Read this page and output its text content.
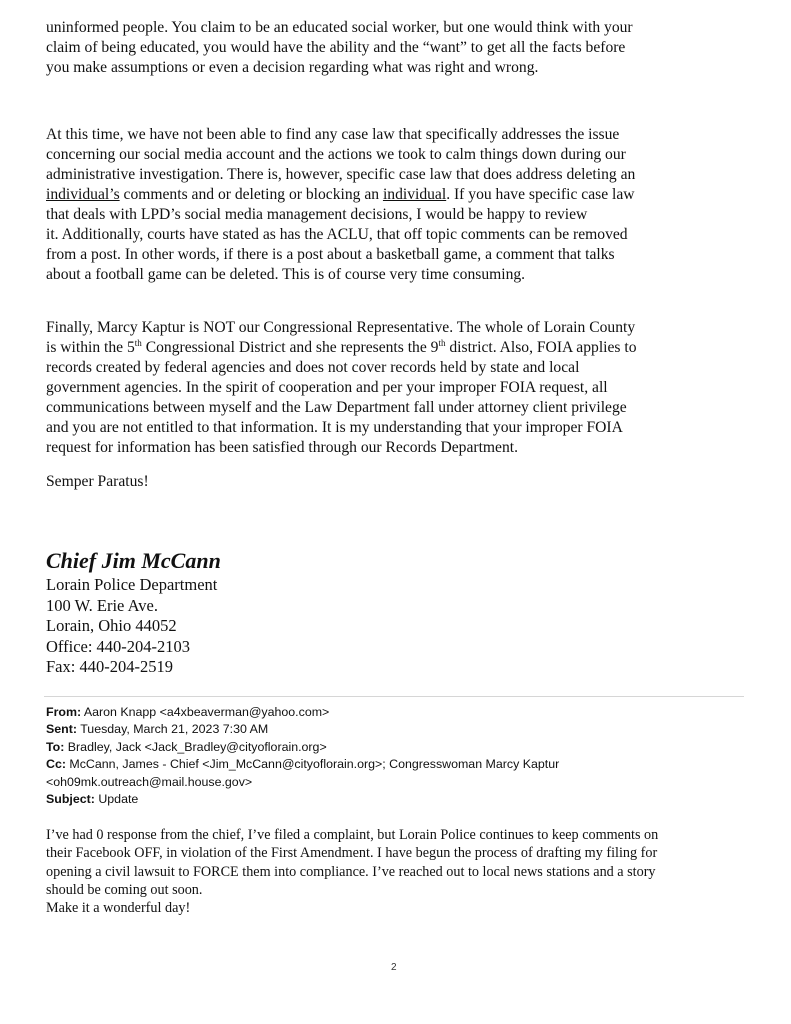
uninformed people. You claim to be an educated social worker, but one would think with your
claim of being educated, you would have the ability and the “want” to get all the facts before
you make assumptions or even a decision regarding what was right and wrong.
At this time, we have not been able to find any case law that specifically addresses the issue
concerning our social media account and the actions we took to calm things down during our
administrative investigation. There is, however, specific case law that does address deleting an
individual’s comments and or deleting or blocking an individual. If you have specific case law
that deals with LPD’s social media management decisions, I would be happy to review
it. Additionally, courts have stated as has the ACLU, that off topic comments can be removed
from a post. In other words, if there is a post about a basketball game, a comment that talks
about a football game can be deleted. This is of course very time consuming.
Finally, Marcy Kaptur is NOT our Congressional Representative. The whole of Lorain County
is within the 5th Congressional District and she represents the 9th district. Also, FOIA applies to
records created by federal agencies and does not cover records held by state and local
government agencies. In the spirit of cooperation and per your improper FOIA request, all
communications between myself and the Law Department fall under attorney client privilege
and you are not entitled to that information. It is my understanding that your improper FOIA
request for information has been satisfied through our Records Department.
Semper Paratus!
Chief Jim McCann
Lorain Police Department
100 W. Erie Ave.
Lorain, Ohio 44052
Office: 440-204-2103
Fax: 440-204-2519
From: Aaron Knapp <a4xbeaverman@yahoo.com>
Sent: Tuesday, March 21, 2023 7:30 AM
To: Bradley, Jack <Jack_Bradley@cityoflorain.org>
Cc: McCann, James - Chief <Jim_McCann@cityoflorain.org>; Congresswoman Marcy Kaptur
<oh09mk.outreach@mail.house.gov>
Subject: Update
I’ve had 0 response from the chief, I’ve filed a complaint, but Lorain Police continues to keep comments on
their Facebook OFF, in violation of the First Amendment. I have begun the process of drafting my filing for
opening a civil lawsuit to FORCE them into compliance. I’ve reached out to local news stations and a story
should be coming out soon.
Make it a wonderful day!
2
